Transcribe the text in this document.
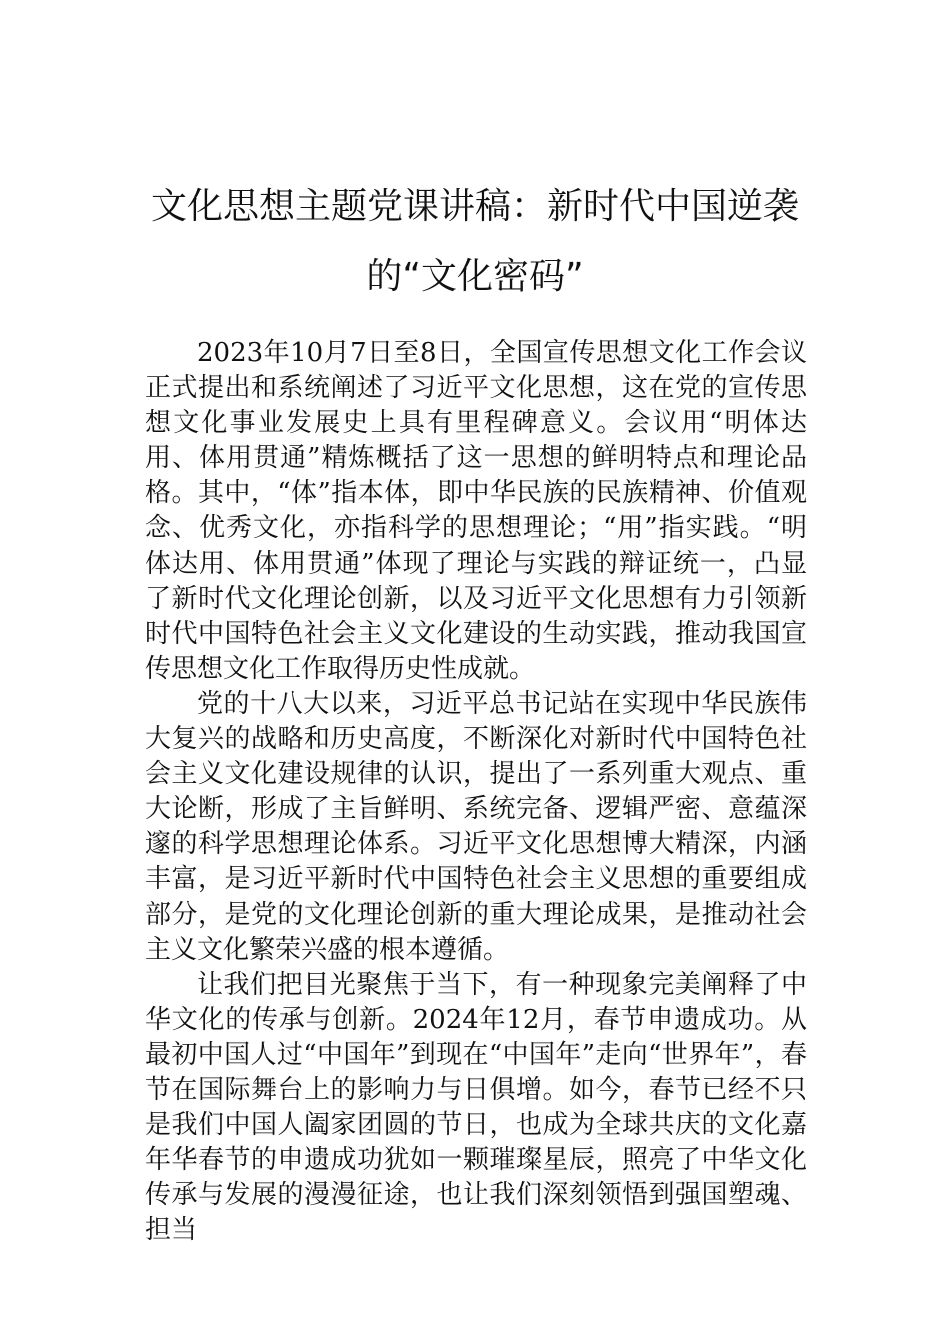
文化思想主题党课讲稿：新时代中国逆袭
的“文化密码”

2023年10月7日至8日，全国宣传思想文化工作会议正式提出和系统阐述了习近平文化思想，这在党的宣传思想文化事业发展史上具有里程碑意义。会议用“明体达用、体用贯通”精炼概括了这一思想的鲜明特点和理论品格。其中，“体”指本体，即中华民族的民族精神、价值观念、优秀文化，亦指科学的思想理论；“用”指实践。“明体达用、体用贯通”体现了理论与实践的辩证统一，凸显了新时代文化理论创新，以及习近平文化思想有力引领新时代中国特色社会主义文化建设的生动实践，推动我国宣传思想文化工作取得历史性成就。

党的十八大以来，习近平总书记站在实现中华民族伟大复兴的战略和历史高度，不断深化对新时代中国特色社会主义文化建设规律的认识，提出了一系列重大观点、重大论断，形成了主旨鲜明、系统完备、逻辑严密、意蕴深邃的科学思想理论体系。习近平文化思想博大精深，内涵丰富，是习近平新时代中国特色社会主义思想的重要组成部分，是党的文化理论创新的重大理论成果，是推动社会主义文化繁荣兴盛的根本遵循。

让我们把目光聚焦于当下，有一种现象完美阐释了中华文化的传承与创新。2024年12月，春节申遗成功。从最初中国人过“中国年”到现在“中国年”走向“世界年”，春节在国际舞台上的影响力与日俱增。如今，春节已经不只是我们中国人阖家团圆的节日，也成为全球共庆的文化嘉年华春节的申遗成功犹如一颗璀璨星辰，照亮了中华文化传承与发展的漫漫征途，也让我们深刻领悟到强国塑魂、担当
